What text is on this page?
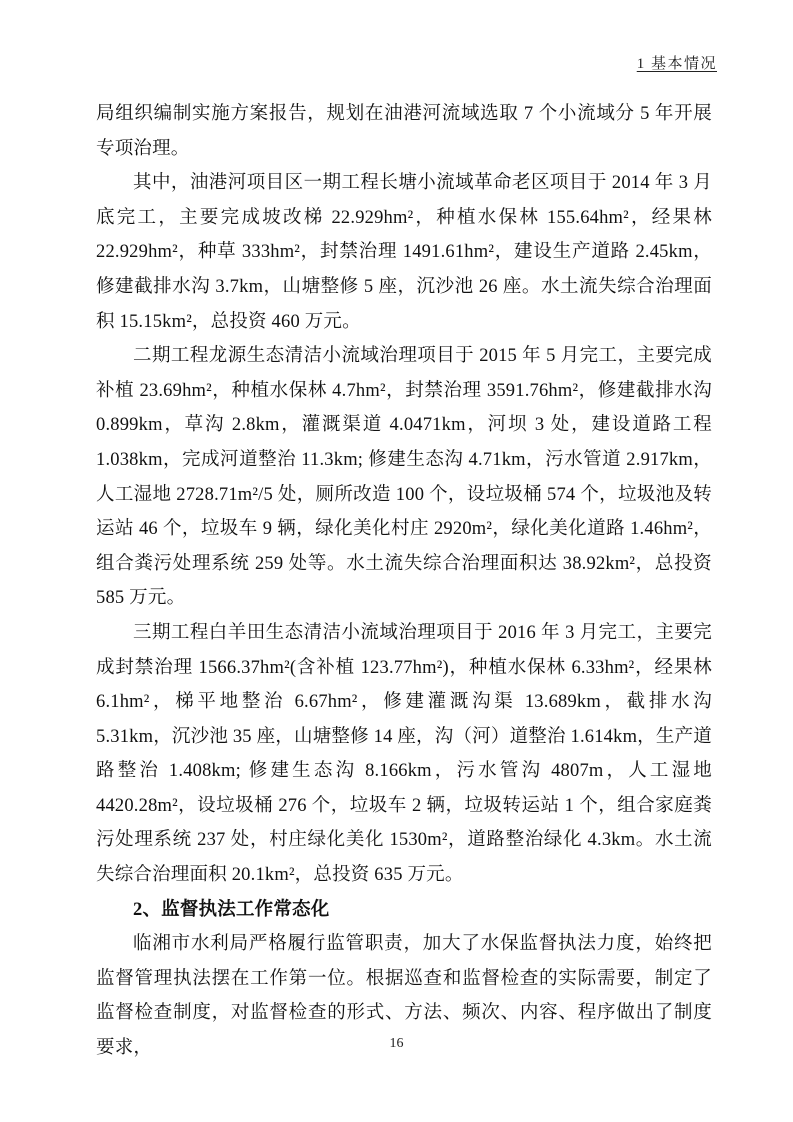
1 基本情况

局组织编制实施方案报告，规划在油港河流域选取 7 个小流域分 5 年开展专项治理。

其中，油港河项目区一期工程长塘小流域革命老区项目于 2014 年 3 月底完工，主要完成坡改梯 22.929hm²，种植水保林 155.64hm²，经果林 22.929hm²，种草 333hm²，封禁治理 1491.61hm²，建设生产道路 2.45km，修建截排水沟 3.7km，山塘整修 5 座，沉沙池 26 座。水土流失综合治理面积 15.15km²，总投资 460 万元。

二期工程龙源生态清洁小流域治理项目于 2015 年 5 月完工，主要完成补植 23.69hm²，种植水保林 4.7hm²，封禁治理 3591.76hm²，修建截排水沟 0.899km，草沟 2.8km，灌溉渠道 4.0471km，河坝 3 处，建设道路工程 1.038km，完成河道整治 11.3km; 修建生态沟 4.71km，污水管道 2.917km，人工湿地 2728.71m²/5 处，厕所改造 100 个，设垃圾桶 574 个，垃圾池及转运站 46 个，垃圾车 9 辆，绿化美化村庄 2920m²，绿化美化道路 1.46hm²，组合粪污处理系统 259 处等。水土流失综合治理面积达 38.92km²，总投资 585 万元。

三期工程白羊田生态清洁小流域治理项目于 2016 年 3 月完工，主要完成封禁治理 1566.37hm²(含补植 123.77hm²)，种植水保林 6.33hm²，经果林 6.1hm²，梯平地整治 6.67hm²，修建灌溉沟渠 13.689km，截排水沟 5.31km，沉沙池 35 座，山塘整修 14 座，沟（河）道整治 1.614km，生产道路整治 1.408km; 修建生态沟 8.166km，污水管沟 4807m，人工湿地 4420.28m²，设垃圾桶 276 个，垃圾车 2 辆，垃圾转运站 1 个，组合家庭粪污处理系统 237 处，村庄绿化美化 1530m²，道路整治绿化 4.3km。水土流失综合治理面积 20.1km²，总投资 635 万元。

2、监督执法工作常态化

临湘市水利局严格履行监管职责，加大了水保监督执法力度，始终把监督管理执法摆在工作第一位。根据巡查和监督检查的实际需要，制定了监督检查制度，对监督检查的形式、方法、频次、内容、程序做出了制度要求，	16
